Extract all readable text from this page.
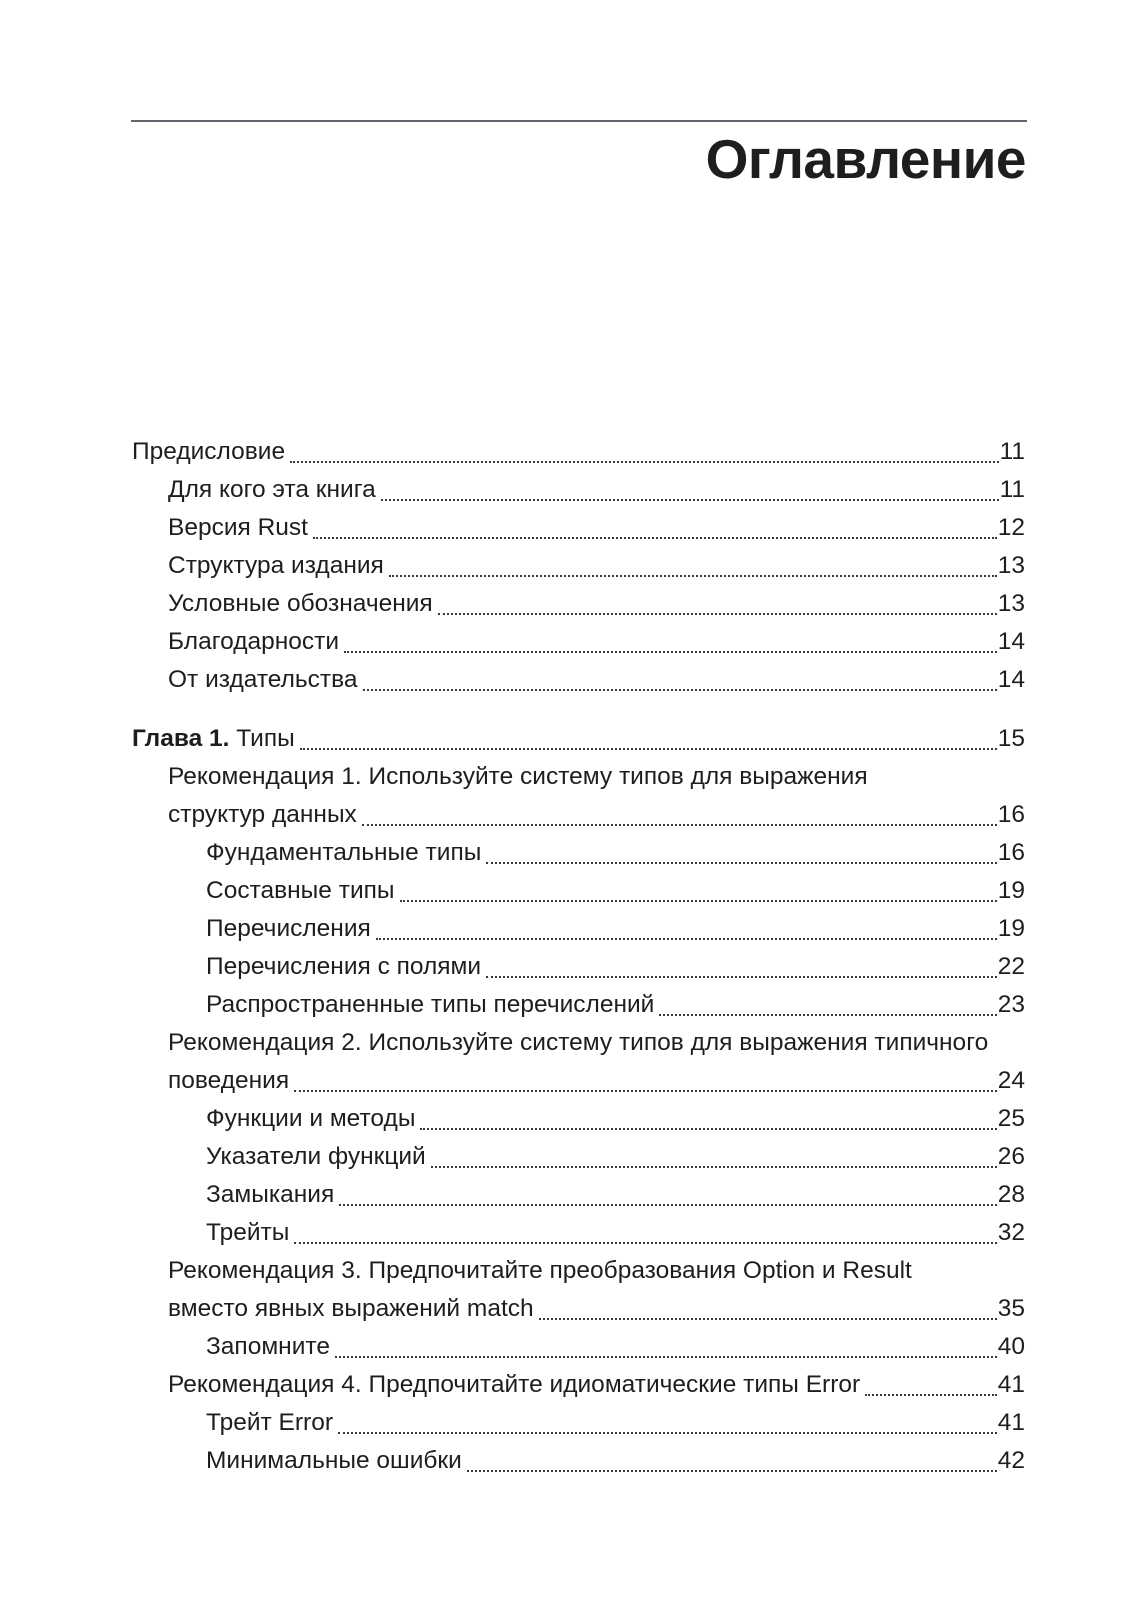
Оглавление
Предисловие	11
Для кого эта книга	11
Версия Rust	12
Структура издания	13
Условные обозначения	13
Благодарности	14
От издательства	14
Глава 1. Типы	15
Рекомендация 1. Используйте систему типов для выражения
структур данных	16
Фундаментальные типы	16
Составные типы	19
Перечисления	19
Перечисления с полями	22
Распространенные типы перечислений	23
Рекомендация 2. Используйте систему типов для выражения типичного
поведения	24
Функции и методы	25
Указатели функций	26
Замыкания	28
Трейты	32
Рекомендация 3. Предпочитайте преобразования Option и Result
вместо явных выражений match	35
Запомните	40
Рекомендация 4. Предпочитайте идиоматические типы Error	41
Трейт Error	41
Минимальные ошибки	42
